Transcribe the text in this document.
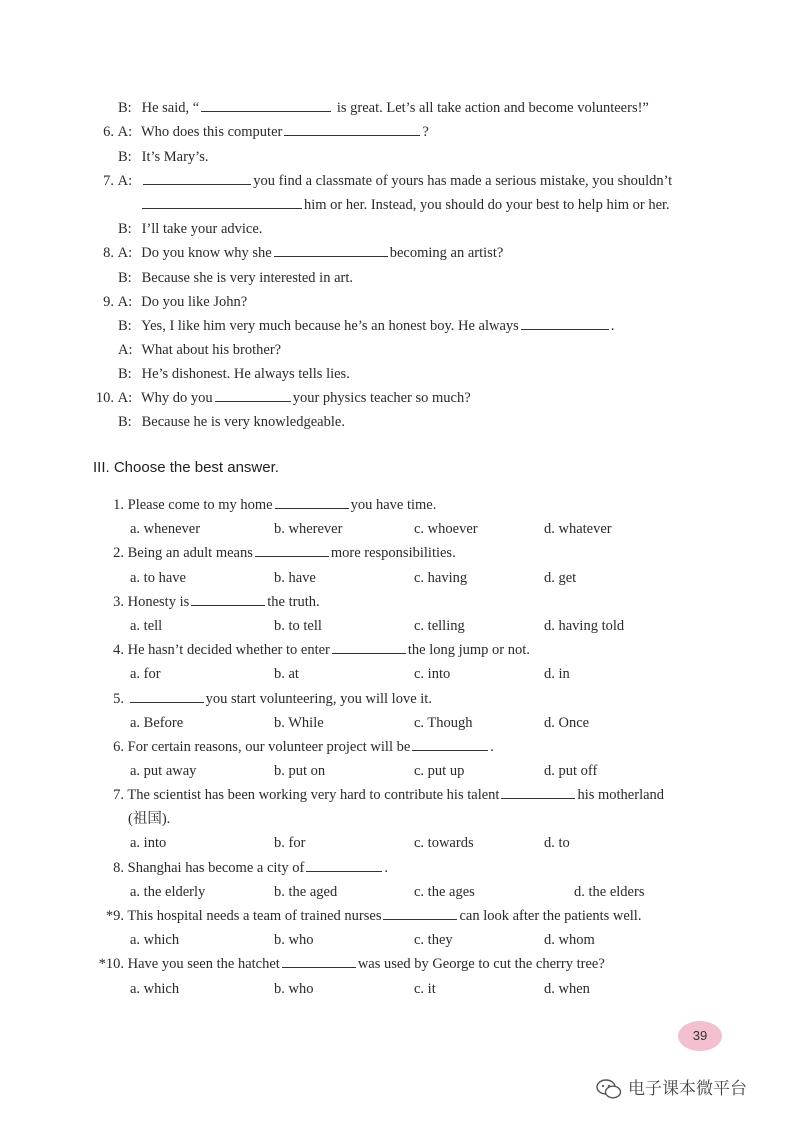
B: He said, “	is great. Let’s all take action and become volunteers!”
6. A: Who does this computer	?
B: It’s Mary’s.
7. A:	you find a classmate of yours has made a serious mistake, you shouldn’t
him or her. Instead, you should do your best to help him or her.
B: I’ll take your advice.
8. A: Do you know why she	becoming an artist?
B: Because she is very interested in art.
9. A: Do you like John?
B: Yes, I like him very much because he’s an honest boy. He always	.
A: What about his brother?
B: He’s dishonest. He always tells lies.
10. A: Why do you	your physics teacher so much?
B: Because he is very knowledgeable.
III. Choose the best answer.
1. Please come to my home	you have time.
a. whenever	b. wherever	c. whoever	d. whatever
2. Being an adult means	more responsibilities.
a. to have	b. have	c. having	d. get
3. Honesty is	the truth.
a. tell	b. to tell	c. telling	d. having told
4. He hasn’t decided whether to enter	the long jump or not.
a. for	b. at	c. into	d. in
5.	you start volunteering, you will love it.
a. Before	b. While	c. Though	d. Once
6. For certain reasons, our volunteer project will be	.
a. put away	b. put on	c. put up	d. put off
7. The scientist has been working very hard to contribute his talent	his motherland
(祖国).
a. into	b. for	c. towards	d. to
8. Shanghai has become a city of	.
a. the elderly	b. the aged	c. the ages	d. the elders
*9. This hospital needs a team of trained nurses	can look after the patients well.
a. which	b. who	c. they	d. whom
*10. Have you seen the hatchet	was used by George to cut the cherry tree?
a. which	b. who	c. it	d. when
39
电子课本微平台
